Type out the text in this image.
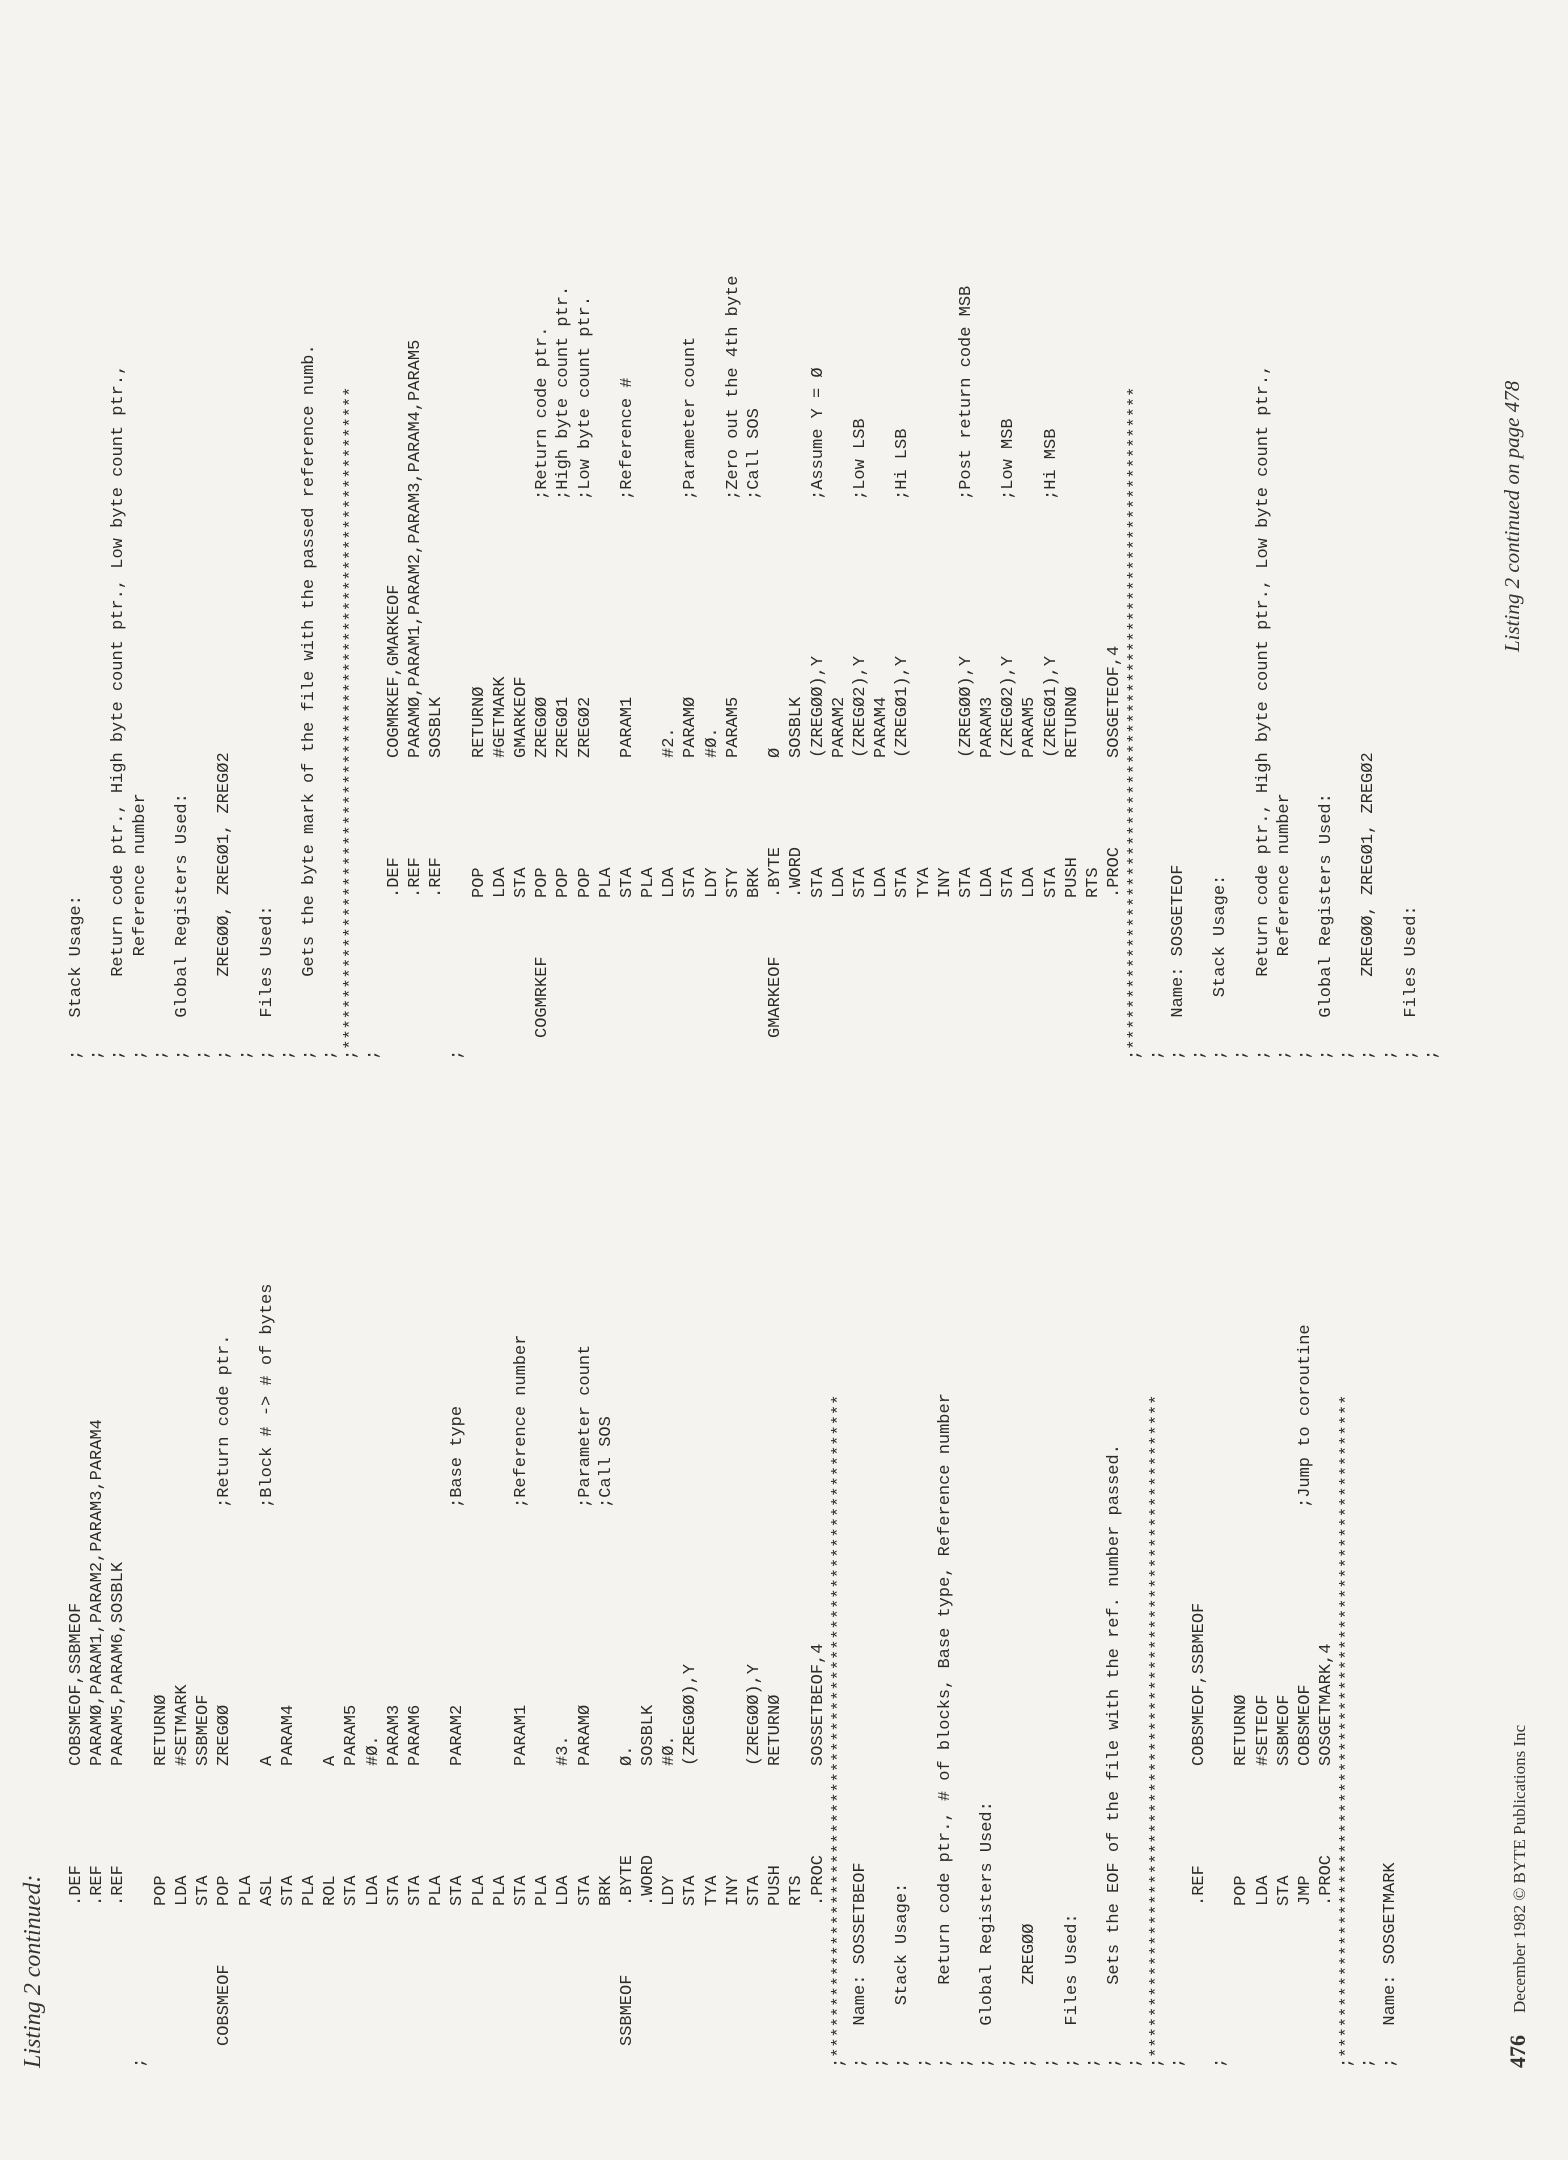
Listing 2 continued: .DEF
COBSMEOF,SSBMEOF
.REF
PARAMØ,PARAM1,PARAM2,PARAM3,PARAM4
.REF
PARAM5,PARAM6,SOSBLK
;
POP
RETURNØ
LDA
#SETMARK
STA
SSBMEOF
COBSMEOF
POP
ZREGØØ
;Return code ptr.
PLA ASL
A
;Block # -> # of bytes
STA
PARAM4
PLA ROL
A
STA
PARAM5
LDA
#Ø.
STA
PARAM3
STA
PARAM6
PLA STA
PARAM2
;Base type
PLA PLA STA
PARAM1
;Reference number
PLA LDA
#3.
STA
PARAMØ
;Parameter count
BRK
;Call SOS
SSBMEOF
.BYTE
Ø.
.WORD
SOSBLK
LDY
#Ø.
STA
(ZREGØØ),Y
TYA INY STA
(ZREGØØ),Y
PUSH
RETURNØ
RTS .PROC
SOSSETBEOF,4 ;***************************************************************** ;
Name: SOSSETBEOF
; ;
Stack Usage:
; ;
Return code ptr., # of blocks, Base type, Reference number
; ;
Global Registers Used:
; ;
ZREGØØ
; ;
Files Used:
; ;
Sets the EOF of the file with the ref. number passed.
; ;***************************************************************** ;
.REF
COBSMEOF,SSBMEOF
;
POP
RETURNØ
LDA
#SETEOF
STA
SSBMEOF
JMP
COBSMEOF
;Jump to coroutine
.PROC
SOSGETMARK,4 ;***************************************************************** ; ;
Name: SOSGETMARK
;
Stack Usage:
; ;
Return code ptr., High byte count ptr., Low byte count ptr.,
;
Reference number
; ;
Global Registers Used:
; ;
ZREGØØ, ZREGØ1, ZREGØ2
; ;
Files Used:
; ;
Gets the byte mark of the file with the passed reference numb.
; ;***************************************************************** ;
.DEF
COGMRKEF,GMARKEOF
.REF
PARAMØ,PARAM1,PARAM2,PARAM3,PARAM4,PARAM5
.REF
SOSBLK
;
POP
RETURNØ
LDA
#GETMARK
STA
GMARKEOF
COGMRKEF
POP
ZREGØØ
;Return code ptr.
POP
ZREGØ1
;High byte count ptr.
POP
ZREGØ2
;Low byte count ptr.
PLA STA
PARAM1
;Reference #
PLA LDA
#2.
STA
PARAMØ
;Parameter count
LDY
#Ø.
STY
PARAM5
;Zero out the 4th byte
BRK
;Call SOS
GMARKEOF
.BYTE
Ø
.WORD
SOSBLK
STA
(ZREGØØ),Y
;Assume Y = Ø
LDA
PARAM2
STA
(ZREGØ2),Y
;Low LSB
LDA
PARAM4
STA
(ZREGØ1),Y
;Hi LSB
TYA INY STA
(ZREGØØ),Y
;Post return code MSB
LDA
PARAM3
STA
(ZREGØ2),Y
;Low MSB
LDA
PARAM5
STA
(ZREGØ1),Y
;Hi MSB
PUSH
RETURNØ
RTS .PROC
SOSGETEOF,4 ;***************************************************************** ; ;
Name: SOSGETEOF
; ;
Stack Usage:
; ;
Return code ptr., High byte count ptr., Low byte count ptr.,
;
Reference number
; ;
Global Registers Used:
; ;
ZREGØØ, ZREGØ1, ZREGØ2
; ;
Files Used:
;
476 December 1982 © BYTE Publications Inc
Listing 2 continued on page 478
